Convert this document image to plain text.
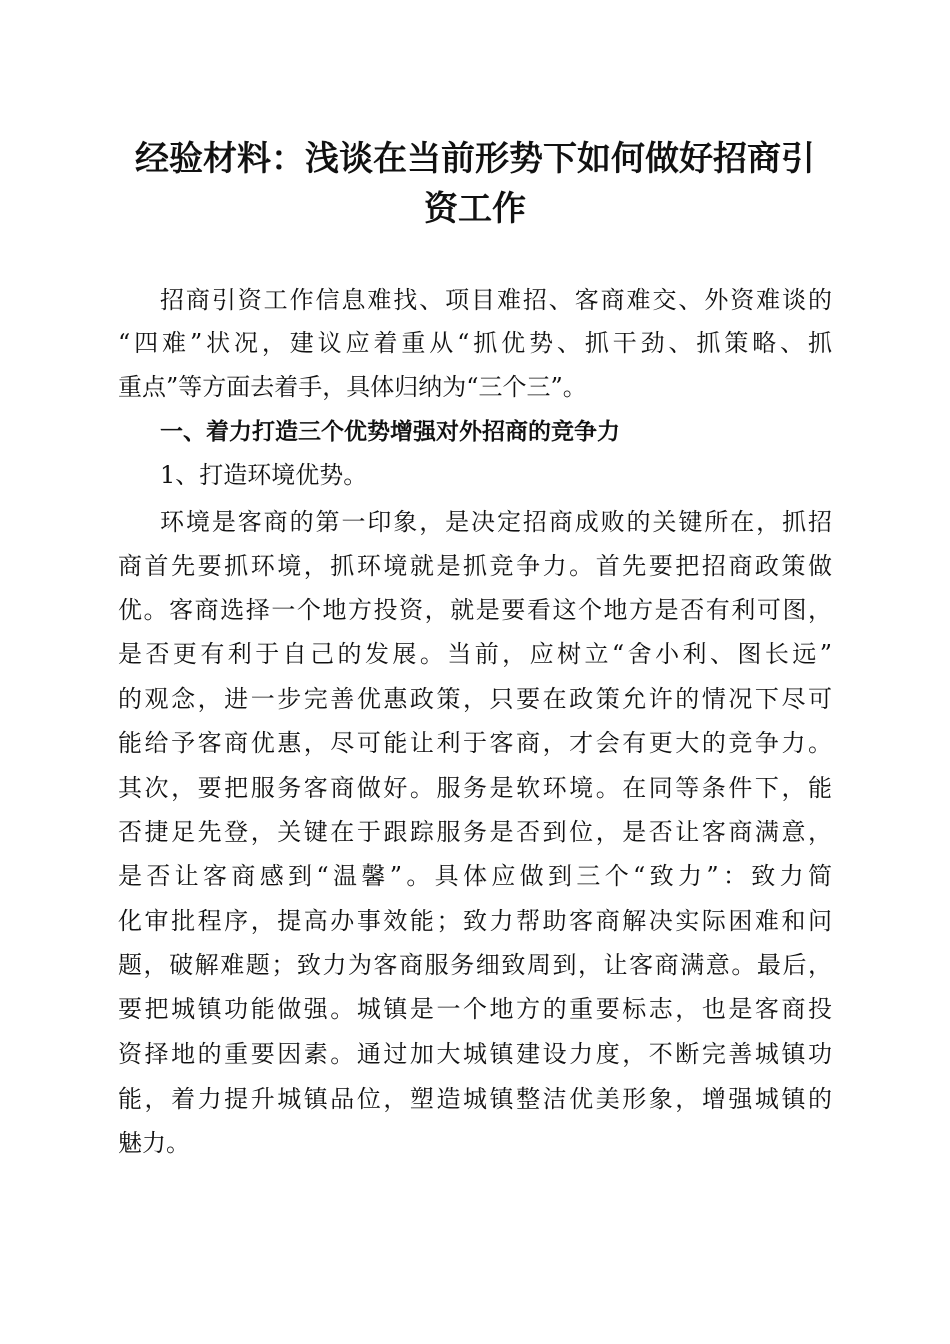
经验材料：浅谈在当前形势下如何做好招商引
资工作
招商引资工作信息难找、项目难招、客商难交、外资难谈的
“四难”状况，建议应着重从“抓优势、抓干劲、抓策略、抓
重点”等方面去着手，具体归纳为“三个三”。
一、着力打造三个优势增强对外招商的竞争力
1、打造环境优势。
环境是客商的第一印象，是决定招商成败的关键所在，抓招
商首先要抓环境，抓环境就是抓竞争力。首先要把招商政策做
优。客商选择一个地方投资，就是要看这个地方是否有利可图，
是否更有利于自己的发展。当前，应树立“舍小利、图长远”
的观念，进一步完善优惠政策，只要在政策允许的情况下尽可
能给予客商优惠，尽可能让利于客商，才会有更大的竞争力。
其次，要把服务客商做好。服务是软环境。在同等条件下，能
否捷足先登，关键在于跟踪服务是否到位，是否让客商满意，
是否让客商感到“温馨”。具体应做到三个“致力”：致力简
化审批程序，提高办事效能；致力帮助客商解决实际困难和问
题，破解难题；致力为客商服务细致周到，让客商满意。最后，
要把城镇功能做强。城镇是一个地方的重要标志，也是客商投
资择地的重要因素。通过加大城镇建设力度，不断完善城镇功
能，着力提升城镇品位，塑造城镇整洁优美形象，增强城镇的
魅力。
